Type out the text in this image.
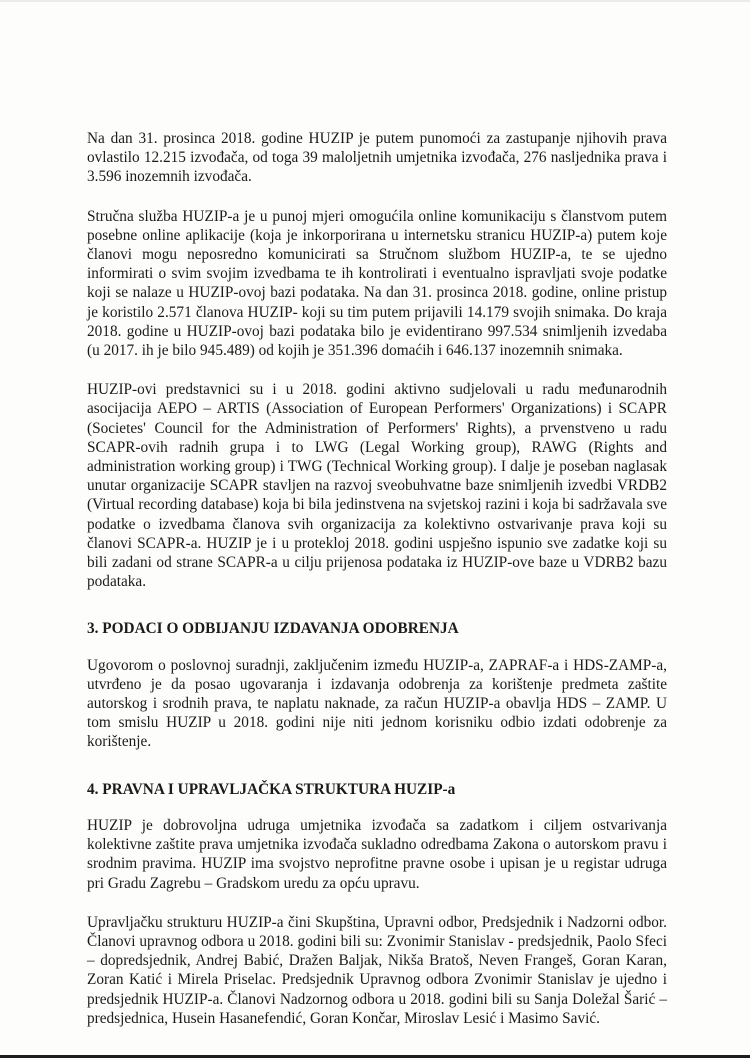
Na dan 31. prosinca 2018. godine HUZIP je putem punomoći za zastupanje njihovih prava ovlastilo 12.215 izvođača, od toga 39 maloljetnih umjetnika izvođača, 276 nasljednika prava i 3.596 inozemnih izvođača.

Stručna služba HUZIP-a je u punoj mjeri omogućila online komunikaciju s članstvom putem posebne online aplikacije (koja je inkorporirana u internetsku stranicu HUZIP-a) putem koje članovi mogu neposredno komunicirati sa Stručnom službom HUZIP-a, te se ujedno informirati o svim svojim izvedbama te ih kontrolirati i eventualno ispravljati svoje podatke koji se nalaze u HUZIP-ovoj bazi podataka. Na dan 31. prosinca 2018. godine, online pristup je koristilo 2.571 članova HUZIP- koji su tim putem prijavili 14.179 svojih snimaka. Do kraja 2018. godine u HUZIP-ovoj bazi podataka bilo je evidentirano 997.534 snimljenih izvedaba (u 2017. ih je bilo 945.489) od kojih je 351.396 domaćih i 646.137 inozemnih snimaka.

HUZIP-ovi predstavnici su i u 2018. godini aktivno sudjelovali u radu međunarodnih asocijacija AEPO – ARTIS (Association of European Performers' Organizations) i SCAPR (Societes' Council for the Administration of Performers' Rights), a prvenstveno u radu SCAPR-ovih radnih grupa i to LWG (Legal Working group), RAWG (Rights and administration working group) i TWG (Technical Working group). I dalje je poseban naglasak unutar organizacije SCAPR stavljen na razvoj sveobuhvatne baze snimljenih izvedbi VRDB2 (Virtual recording database) koja bi bila jedinstvena na svjetskoj razini i koja bi sadržavala sve podatke o izvedbama članova svih organizacija za kolektivno ostvarivanje prava koji su članovi SCAPR-a. HUZIP je i u protekloj 2018. godini uspješno ispunio sve zadatke koji su bili zadani od strane SCAPR-a u cilju prijenosa podataka iz HUZIP-ove baze u VDRB2 bazu podataka.

3. PODACI O ODBIJANJU IZDAVANJA ODOBRENJA

Ugovorom o poslovnoj suradnji, zaključenim između HUZIP-a, ZAPRAF-a i HDS-ZAMP-a, utvrđeno je da posao ugovaranja i izdavanja odobrenja za korištenje predmeta zaštite autorskog i srodnih prava, te naplatu naknade, za račun HUZIP-a obavlja HDS – ZAMP. U tom smislu HUZIP u 2018. godini nije niti jednom korisniku odbio izdati odobrenje za korištenje.

4. PRAVNA I UPRAVLJAČKA STRUKTURA HUZIP-a

HUZIP je dobrovoljna udruga umjetnika izvođača sa zadatkom i ciljem ostvarivanja kolektivne zaštite prava umjetnika izvođača sukladno odredbama Zakona o autorskom pravu i srodnim pravima. HUZIP ima svojstvo neprofitne pravne osobe i upisan je u registar udruga pri Gradu Zagrebu – Gradskom uredu za opću upravu.

Upravljačku strukturu HUZIP-a čini Skupština, Upravni odbor, Predsjednik i Nadzorni odbor. Članovi upravnog odbora u 2018. godini bili su: Zvonimir Stanislav - predsjednik, Paolo Sfeci – dopredsjednik, Andrej Babić, Dražen Baljak, Nikša Bratoš, Neven Frangeš, Goran Karan, Zoran Katić i Mirela Priselac. Predsjednik Upravnog odbora Zvonimir Stanislav je ujedno i predsjednik HUZIP-a. Članovi Nadzornog odbora u 2018. godini bili su Sanja Doležal Šarić – predsjednica, Husein Hasanefendić, Goran Končar, Miroslav Lesić i Masimo Savić.
